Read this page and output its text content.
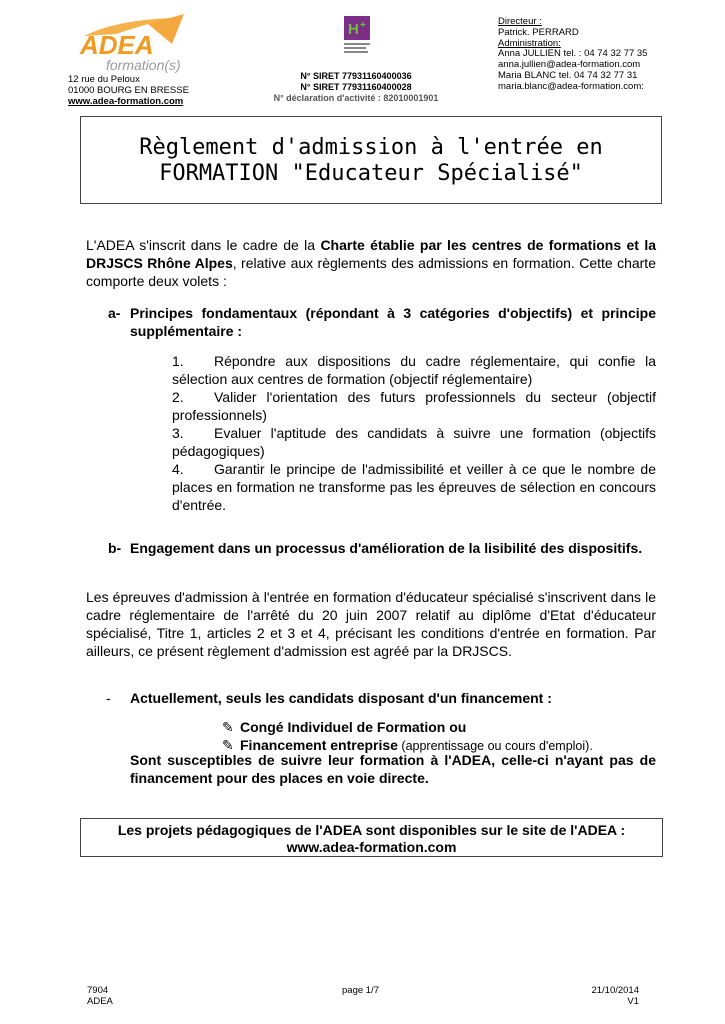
ADEA
formation(s)
12 rue du Peloux
01000 BOURG EN BRESSE
www.adea-formation.com
H +
N° SIRET 77931160400036
N° SIRET 77931160400028
N° déclaration d'activité : 82010001901
Directeur :
Patrick. PERRARD
Administration:
Anna JULLIEN tel. : 04 74 32 77 35
anna.jullien@adea-formation.com
Maria BLANC tel. 04 74 32 77 31
maria.blanc@adea-formation.com:
Règlement d'admission à l'entrée en
FORMATION "Educateur Spécialisé"
L'ADEA s'inscrit dans le cadre de la Charte établie par les centres de formations et la DRJSCS Rhône Alpes, relative aux règlements des admissions en formation. Cette charte comporte deux volets :
a- Principes fondamentaux (répondant à 3 catégories d'objectifs) et principe supplémentaire :
1. Répondre aux dispositions du cadre réglementaire, qui confie la sélection aux centres de formation (objectif réglementaire)
2. Valider l'orientation des futurs professionnels du secteur (objectif professionnels)
3. Evaluer l'aptitude des candidats à suivre une formation (objectifs pédagogiques)
4. Garantir le principe de l'admissibilité et veiller à ce que le nombre de places en formation ne transforme pas les épreuves de sélection en concours d'entrée.
b- Engagement dans un processus d'amélioration de la lisibilité des dispositifs.
Les épreuves d'admission à l'entrée en formation d'éducateur spécialisé s'inscrivent dans le cadre réglementaire de l'arrêté du 20 juin 2007 relatif au diplôme d'Etat d'éducateur spécialisé, Titre 1, articles 2 et 3 et 4, précisant les conditions d'entrée en formation. Par ailleurs, ce présent règlement d'admission est agréé par la DRJSCS.
-	Actuellement, seuls les candidats disposant d'un financement :
✎ Congé Individuel de Formation ou
✎ Financement entreprise (apprentissage ou cours d'emploi).
Sont susceptibles de suivre leur formation à l'ADEA, celle-ci n'ayant pas de financement pour des places en voie directe.
Les projets pédagogiques de l'ADEA sont disponibles sur le site de l'ADEA :
www.adea-formation.com
7904
ADEA
page 1/7	21/10/2014
V1
